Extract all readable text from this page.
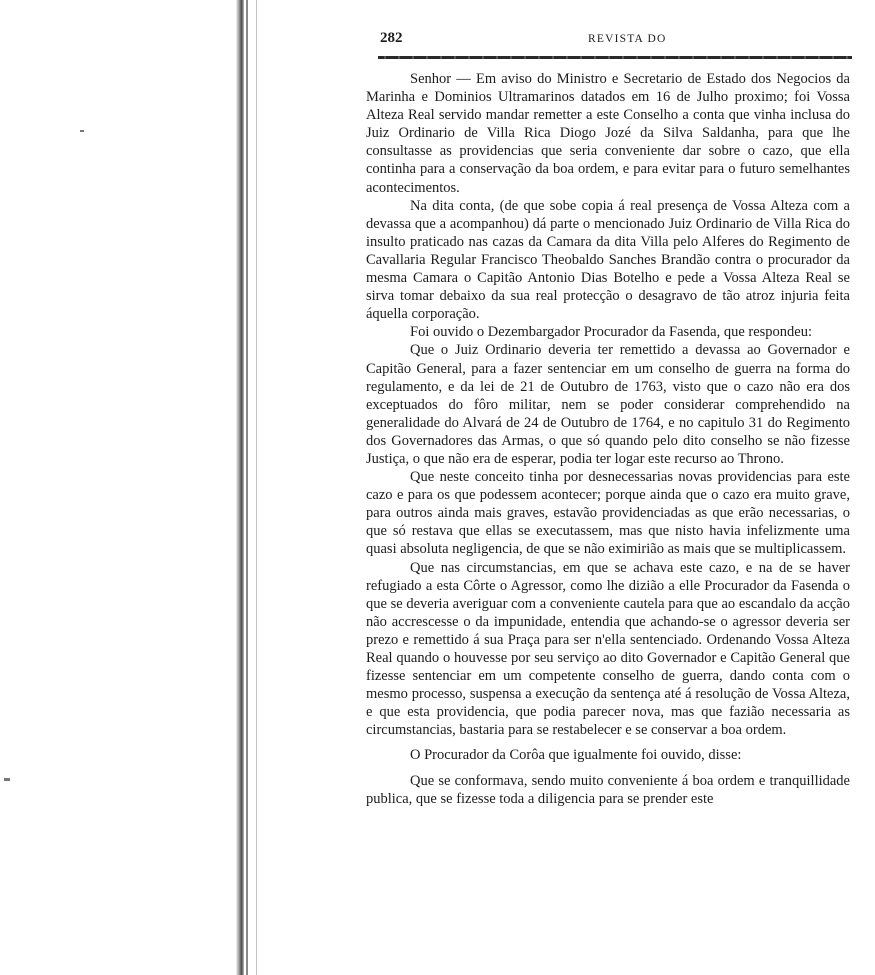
282	REVISTA DO

Senhor — Em aviso do Ministro e Secretario de Estado dos Negocios da Marinha e Dominios Ultramarinos datados em 16 de Julho proximo; foi Vossa Alteza Real servido mandar remetter a este Conselho a conta que vinha inclusa do Juiz Ordinario de Villa Rica Diogo Jozé da Silva Saldanha, para que lhe consultasse as providencias que seria conveniente dar sobre o cazo, que ella continha para a conservação da boa ordem, e para evitar para o futuro semelhantes acontecimentos.

Na dita conta, (de que sobe copia á real presença de Vossa Alteza com a devassa que a acompanhou) dá parte o mencionado Juiz Ordinario de Villa Rica do insulto praticado nas cazas da Camara da dita Villa pelo Alferes do Regimento de Cavallaria Regular Francisco Theobaldo Sanches Brandão contra o procurador da mesma Camara o Capitão Antonio Dias Botelho e pede a Vossa Alteza Real se sirva tomar debaixo da sua real protecção o desagravo de tão atroz injuria feita áquella corporação.

Foi ouvido o Dezembargador Procurador da Fasenda, que respondeu:

Que o Juiz Ordinario deveria ter remettido a devassa ao Governador e Capitão General, para a fazer sentenciar em um conselho de guerra na forma do regulamento, e da lei de 21 de Outubro de 1763, visto que o cazo não era dos exceptuados do fôro militar, nem se poder considerar comprehendido na generalidade do Alvará de 24 de Outubro de 1764, e no capitulo 31 do Regimento dos Governadores das Armas, o que só quando pelo dito conselho se não fizesse Justiça, o que não era de esperar, podia ter logar este recurso ao Throno.

Que neste conceito tinha por desnecessarias novas providencias para este cazo e para os que podessem acontecer; porque ainda que o cazo era muito grave, para outros ainda mais graves, estavão providenciadas as que erão necessarias, o que só restava que ellas se executassem, mas que nisto havia infelizmente uma quasi absoluta negligencia, de que se não eximirião as mais que se multiplicassem.

Que nas circumstancias, em que se achava este cazo, e na de se haver refugiado a esta Côrte o Agressor, como lhe dizião a elle Procurador da Fasenda o que se deveria averiguar com a conveniente cautela para que ao escandalo da acção não accrescesse o da impunidade, entendia que achando-se o agressor deveria ser prezo e remettido á sua Praça para ser n'ella sentenciado. Ordenando Vossa Alteza Real quando o houvesse por seu serviço ao dito Governador e Capitão General que fizesse sentenciar em um competente conselho de guerra, dando conta com o mesmo processo, suspensa a execução da sentença até á resolução de Vossa Alteza, e que esta providencia, que podia parecer nova, mas que fazião necessaria as circumstancias, bastaria para se restabelecer e se conservar a boa ordem.

O Procurador da Corôa que igualmente foi ouvido, disse:

Que se conformava, sendo muito conveniente á boa ordem e tranquillidade publica, que se fizesse toda a diligencia para se prender este
